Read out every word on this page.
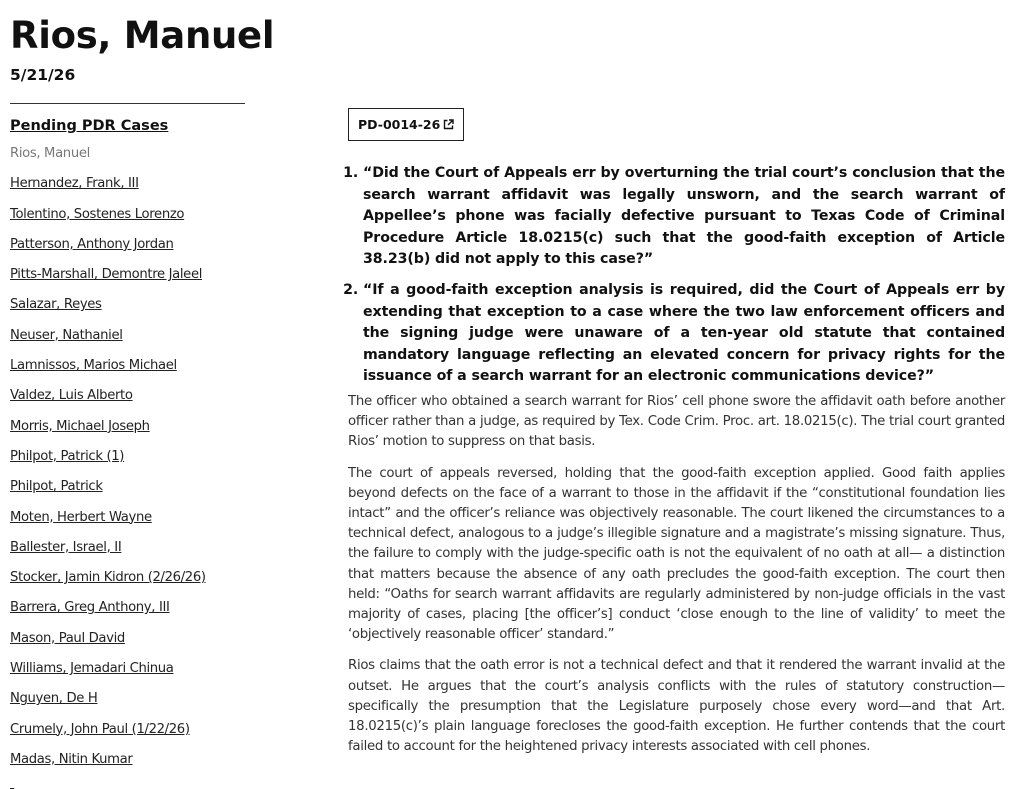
Rios, Manuel
5/21/26
Pending PDR Cases
Rios, Manuel
Hernandez, Frank, III
Tolentino, Sostenes Lorenzo
Patterson, Anthony Jordan
Pitts-Marshall, Demontre Jaleel
Salazar, Reyes
Neuser, Nathaniel
Lamnissos, Marios Michael
Valdez, Luis Alberto
Morris, Michael Joseph
Philpot, Patrick (1)
Philpot, Patrick
Moten, Herbert Wayne
Ballester, Israel, II
Stocker, Jamin Kidron (2/26/26)
Barrera, Greg Anthony, III
Mason, Paul David
Williams, Jemadari Chinua
Nguyen, De H
Crumely, John Paul (1/22/26)
Madas, Nitin Kumar

PD-0014-26
1. “Did the Court of Appeals err by overturning the trial court’s conclusion that the search warrant affidavit was legally unsworn, and the search warrant of Appellee’s phone was facially defective pursuant to Texas Code of Criminal Procedure Article 18.0215(c) such that the good-faith exception of Article 38.23(b) did not apply to this case?”
2. “If a good-faith exception analysis is required, did the Court of Appeals err by extending that exception to a case where the two law enforcement officers and the signing judge were unaware of a ten-year old statute that contained mandatory language reflecting an elevated concern for privacy rights for the issuance of a search warrant for an electronic communications device?”

The officer who obtained a search warrant for Rios’ cell phone swore the affidavit oath before another officer rather than a judge, as required by Tex. Code Crim. Proc. art. 18.0215(c). The trial court granted Rios’ motion to suppress on that basis.

The court of appeals reversed, holding that the good-faith exception applied. Good faith applies beyond defects on the face of a warrant to those in the affidavit if the “constitutional foundation lies intact” and the officer’s reliance was objectively reasonable. The court likened the circumstances to a technical defect, analogous to a judge’s illegible signature and a magistrate’s missing signature. Thus, the failure to comply with the judge-specific oath is not the equivalent of no oath at all— a distinction that matters because the absence of any oath precludes the good-faith exception. The court then held: “Oaths for search warrant affidavits are regularly administered by non-judge officials in the vast majority of cases, placing [the officer’s] conduct ‘close enough to the line of validity’ to meet the ‘objectively reasonable officer’ standard.”

Rios claims that the oath error is not a technical defect and that it rendered the warrant invalid at the outset. He argues that the court’s analysis conflicts with the rules of statutory construction—specifically the presumption that the Legislature purposely chose every word—and that Art. 18.0215(c)’s plain language forecloses the good-faith exception. He further contends that the court failed to account for the heightened privacy interests associated with cell phones.
